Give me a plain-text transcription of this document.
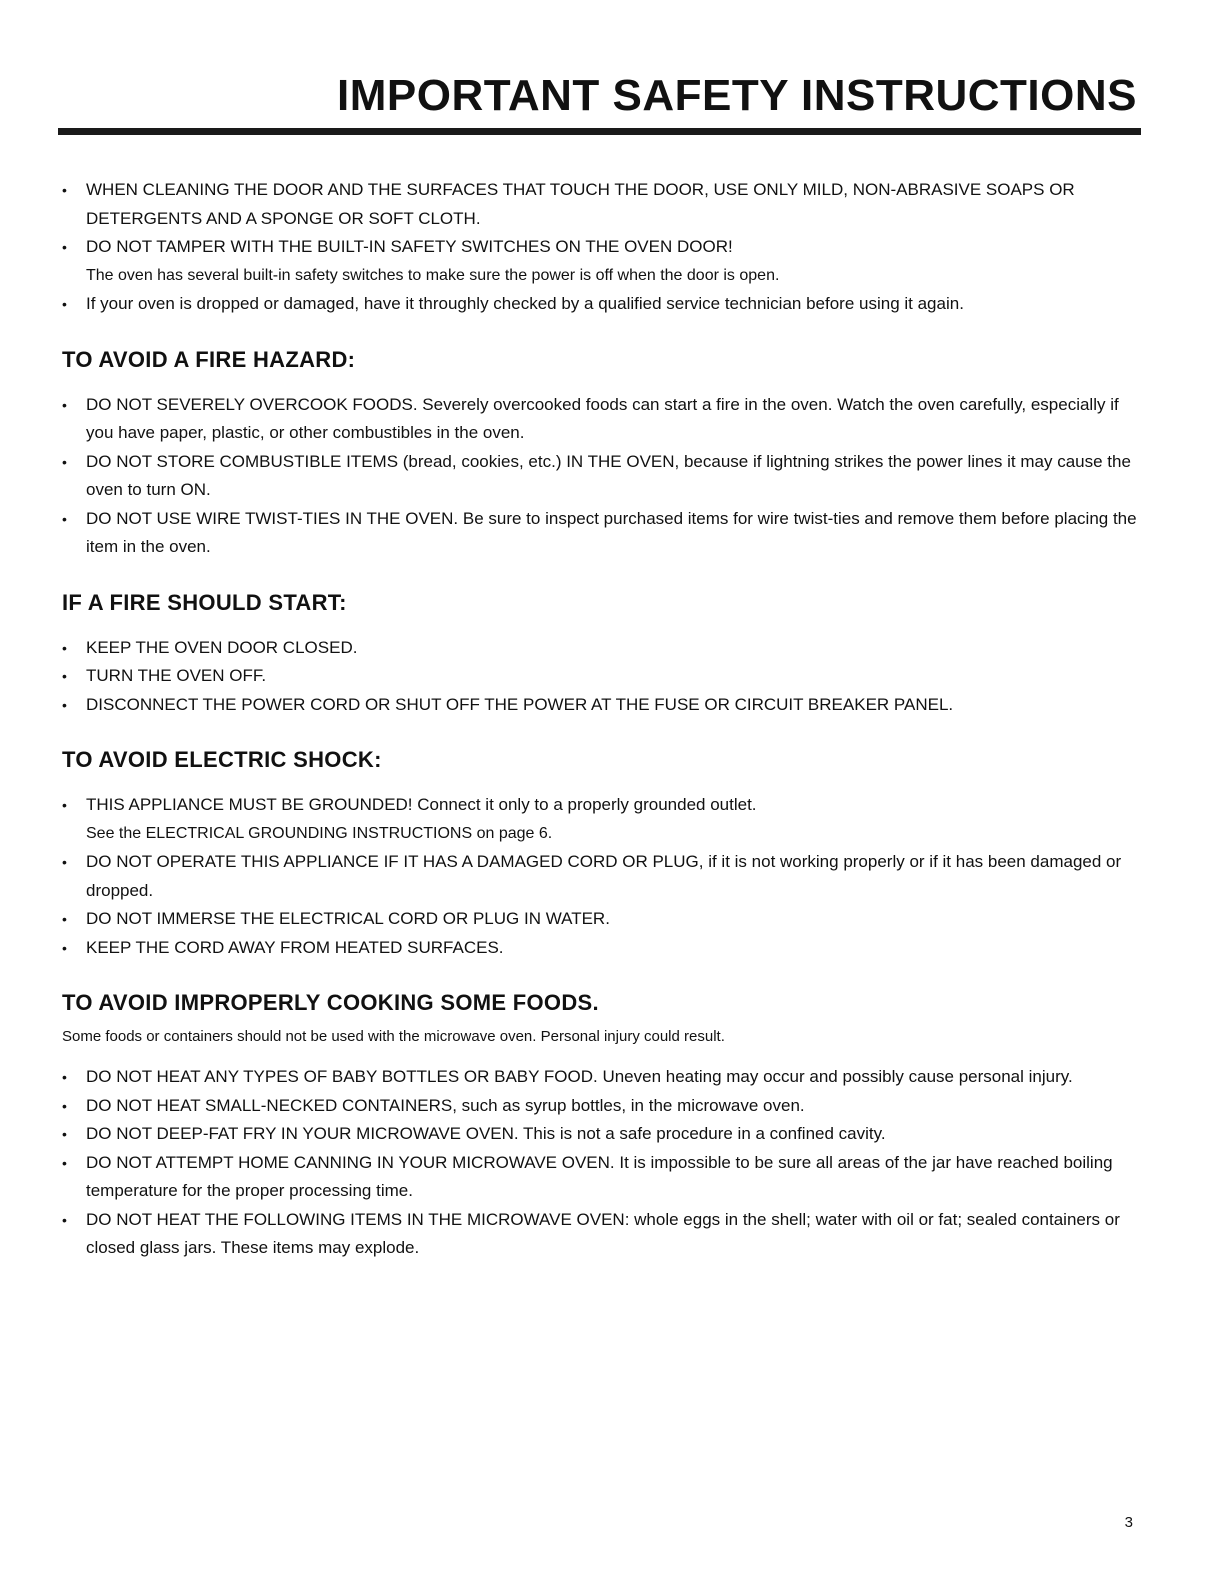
IMPORTANT SAFETY INSTRUCTIONS
• WHEN CLEANING THE DOOR AND THE SURFACES THAT TOUCH THE DOOR, USE ONLY MILD, NON-ABRASIVE SOAPS OR DETERGENTS AND A SPONGE OR SOFT CLOTH.
• DO NOT TAMPER WITH THE BUILT-IN SAFETY SWITCHES ON THE OVEN DOOR!
The oven has several built-in safety switches to make sure the power is off when the door is open.
• If your oven is dropped or damaged, have it throughly checked by a qualified service technician before using it again.
TO AVOID A FIRE HAZARD:
• DO NOT SEVERELY OVERCOOK FOODS. Severely overcooked foods can start a fire in the oven. Watch the oven carefully, especially if you have paper, plastic, or other combustibles in the oven.
• DO NOT STORE COMBUSTIBLE ITEMS (bread, cookies, etc.) IN THE OVEN, because if lightning strikes the power lines it may cause the oven to turn ON.
• DO NOT USE WIRE TWIST-TIES IN THE OVEN. Be sure to inspect purchased items for wire twist-ties and remove them before placing the item in the oven.
IF A FIRE SHOULD START:
• KEEP THE OVEN DOOR CLOSED.
• TURN THE OVEN OFF.
• DISCONNECT THE POWER CORD OR SHUT OFF THE POWER AT THE FUSE OR CIRCUIT BREAKER PANEL.
TO AVOID ELECTRIC SHOCK:
• THIS APPLIANCE MUST BE GROUNDED! Connect it only to a properly grounded outlet.
See the ELECTRICAL GROUNDING INSTRUCTIONS on page 6.
• DO NOT OPERATE THIS APPLIANCE IF IT HAS A DAMAGED CORD OR PLUG, if it is not working properly or if it has been damaged or dropped.
• DO NOT IMMERSE THE ELECTRICAL CORD OR PLUG IN WATER.
• KEEP THE CORD AWAY FROM HEATED SURFACES.
TO AVOID IMPROPERLY COOKING SOME FOODS.

Some foods or containers should not be used with the microwave oven. Personal injury could result.

• DO NOT HEAT ANY TYPES OF BABY BOTTLES OR BABY FOOD. Uneven heating may occur and possibly cause personal injury.
• DO NOT HEAT SMALL-NECKED CONTAINERS, such as syrup bottles, in the microwave oven.
• DO NOT DEEP-FAT FRY IN YOUR MICROWAVE OVEN. This is not a safe procedure in a confined cavity.
• DO NOT ATTEMPT HOME CANNING IN YOUR MICROWAVE OVEN. It is impossible to be sure all areas of the jar have reached boiling temperature for the proper processing time.
• DO NOT HEAT THE FOLLOWING ITEMS IN THE MICROWAVE OVEN: whole eggs in the shell; water with oil or fat; sealed containers or closed glass jars. These items may explode.
3
